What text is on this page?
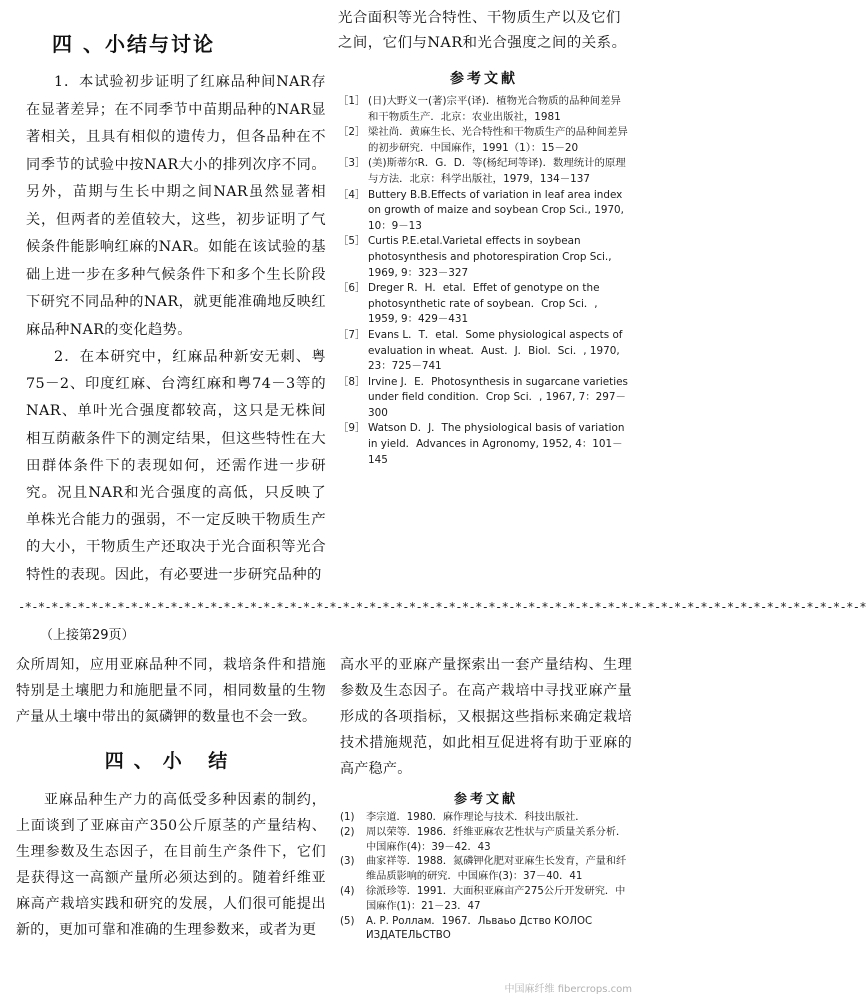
四 、小结与讨论

1．本试验初步证明了红麻品种间NAR存在显著差异；在不同季节中苗期品种的NAR显著相关，且具有相似的遗传力，但各品种在不同季节的试验中按NAR大小的排列次序不同。另外，苗期与生长中期之间NAR虽然显著相关，但两者的差值较大，这些，初步证明了气候条件能影响红麻的NAR。如能在该试验的基础上进一步在多种气候条件下和多个生长阶段下研究不同品种的NAR，就更能准确地反映红麻品种NAR的变化趋势。

2．在本研究中，红麻品种新安无刺、粤75－2、印度红麻、台湾红麻和粤74－3等的NAR、单叶光合强度都较高，这只是无株间相互荫蔽条件下的测定结果，但这些特性在大田群体条件下的表现如何，还需作进一步研究。况且NAR和光合强度的高低，只反映了单株光合能力的强弱，不一定反映干物质生产的大小，干物质生产还取决于光合面积等光合特性的表现。因此，有必要进一步研究品种的

光合面积等光合特性、干物质生产以及它们之间，它们与NAR和光合强度之间的关系。

参考文献
［1］ (日)大野义一(著)宗平(译)．植物光合物质的品种间差异和干物质生产．北京：农业出版社，1981
［2］ 梁社尚．黄麻生长、光合特性和干物质生产的品种间差异的初步研究．中国麻作，1991（1）：15－20
［3］ (美)斯蒂尔R．G．D．等(杨纪珂等译)．数理统计的原理与方法．北京：科学出版社，1979，134－137
［4］ Buttery B.B.Effects of variation in leaf area index on growth of maize and soybean Crop Sci., 1970, 10：9－13
［5］ Curtis P.E.etal.Varietal effects in soybean photosynthesis and photorespiration Crop Sci., 1969, 9：323－327
［6］ Dreger R．H．etal．Effet of genotype on the photosynthetic rate of soybean．Crop Sci．, 1959, 9：429－431
［7］ Evans L．T．etal．Some physiological aspects of evaluation in wheat．Aust．J．Biol．Sci．, 1970, 23：725－741
［8］ Irvine J．E．Photosynthesis in sugarcane varieties under field condition．Crop Sci．, 1967, 7：297－300
［9］ Watson D．J．The physiological basis of variation in yield．Advances in Agronomy, 1952, 4：101－145
-*-*-*-*-*-*-*-*-*-*-*-*-*-*-*-*-*-*-*-*-*-*-*-*-*-*-*-*-*-*-*-*-*-*-*-*-*-*-*-*-*-*-*-*-*-*-*-*-*-*-*-*-*-*-*-*-*-*-*-*-*-*-*-*
（上接第29页）

众所周知，应用亚麻品种不同，栽培条件和措施特别是土壤肥力和施肥量不同，相同数量的生物产量从土壤中带出的氮磷钾的数量也不会一致。

四、小 结

亚麻品种生产力的高低受多种因素的制约，上面谈到了亚麻亩产350公斤原茎的产量结构、生理参数及生态因子，在目前生产条件下，它们是获得这一高额产量所必须达到的。随着纤维亚麻高产栽培实践和研究的发展，人们很可能提出新的，更加可靠和准确的生理参数来，或者为更

高水平的亚麻产量探索出一套产量结构、生理参数及生态因子。在高产栽培中寻找亚麻产量形成的各项指标，又根据这些指标来确定栽培技术措施规范，如此相互促进将有助于亚麻的高产稳产。

参考文献
(1)	李宗道．1980．麻作理论与技术．科技出版社．
(2)	周以荣等．1986．纤维亚麻农艺性状与产质量关系分析．中国麻作(4)：39－42．43
(3)	曲家祥等．1988．氮磷钾化肥对亚麻生长发育，产量和纤维品质影响的研究．中国麻作(3)：37－40．41
(4)	徐派珍等．1991．大面积亚麻亩产275公斤开发研究．中国麻作(1)：21－23．47
(5)	А. Р. Роллам．1967．Льваьо Дство КОЛОС ИЗДАТЕЛЬСТВО
中国麻纤维 fibercrops.com
